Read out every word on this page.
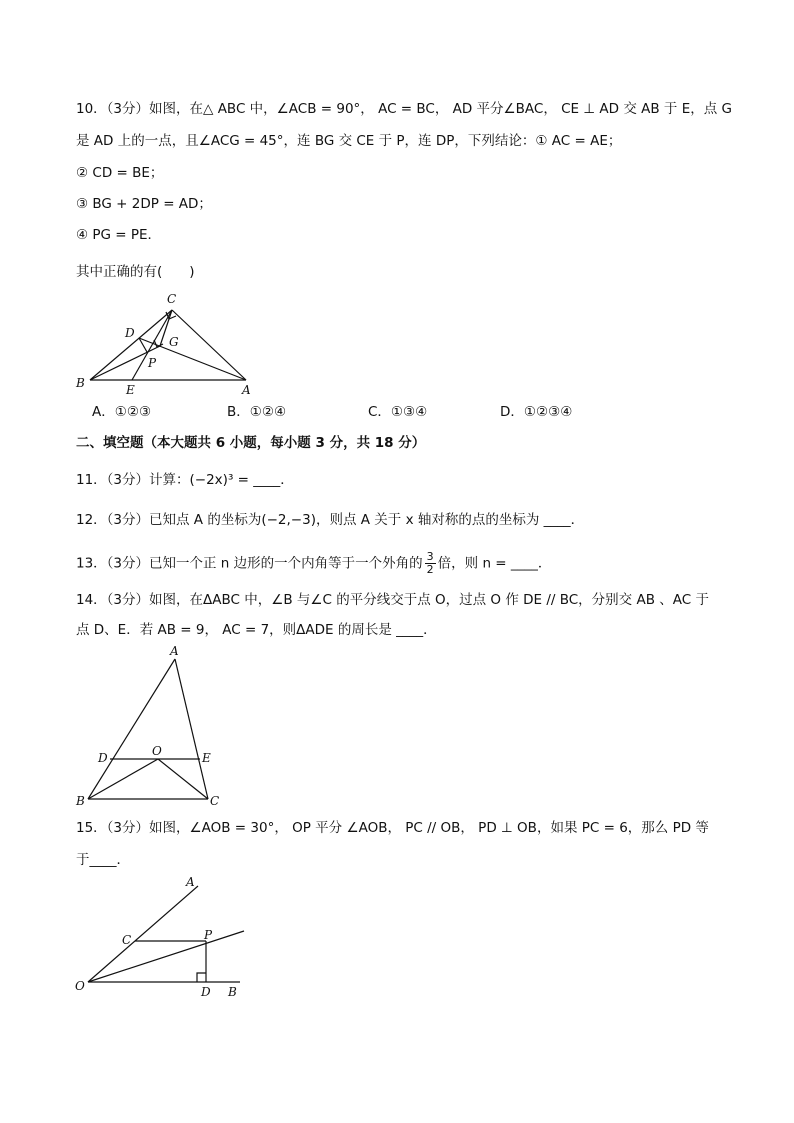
10．（3分）如图，在△ ABC 中，∠ACB = 90°， AC = BC， AD 平分∠BAC， CE ⊥ AD 交 AB 于 E，点 G
是 AD 上的一点，且∠ACG = 45°，连 BG 交 CE 于 P，连 DP，下列结论：① AC = AE；
② CD = BE；
③ BG + 2DP = AD；
④ PG = PE．
其中正确的有(　　)
C
D
G
P
B	E	A
A．①②③	B．①②④	C．①③④	D．①②③④
二、填空题（本大题共 6 小题，每小题 3 分，共 18 分）
11．（3分）计算：(−2x)³ = ____．
12．（3分）已知点 A 的坐标为(−2,−3)，则点 A 关于 x 轴对称的点的坐标为 ____．
13．（3分）已知一个正 n 边形的一个内角等于一个外角的 $\frac{3}{2}$ 倍，则 n = ____．
14．（3分）如图，在ΔABC 中，∠B 与∠C 的平分线交于点 O，过点 O 作 DE // BC，分别交 AB 、AC 于
点 D、E．若 AB = 9， AC = 7，则ΔADE 的周长是 ____．
A
D	O	E
B	C
15．（3分）如图，∠AOB = 30°， OP 平分 ∠AOB， PC // OB， PD ⊥ OB，如果 PC = 6，那么 PD 等
于____．
A
C	P
O	D B
